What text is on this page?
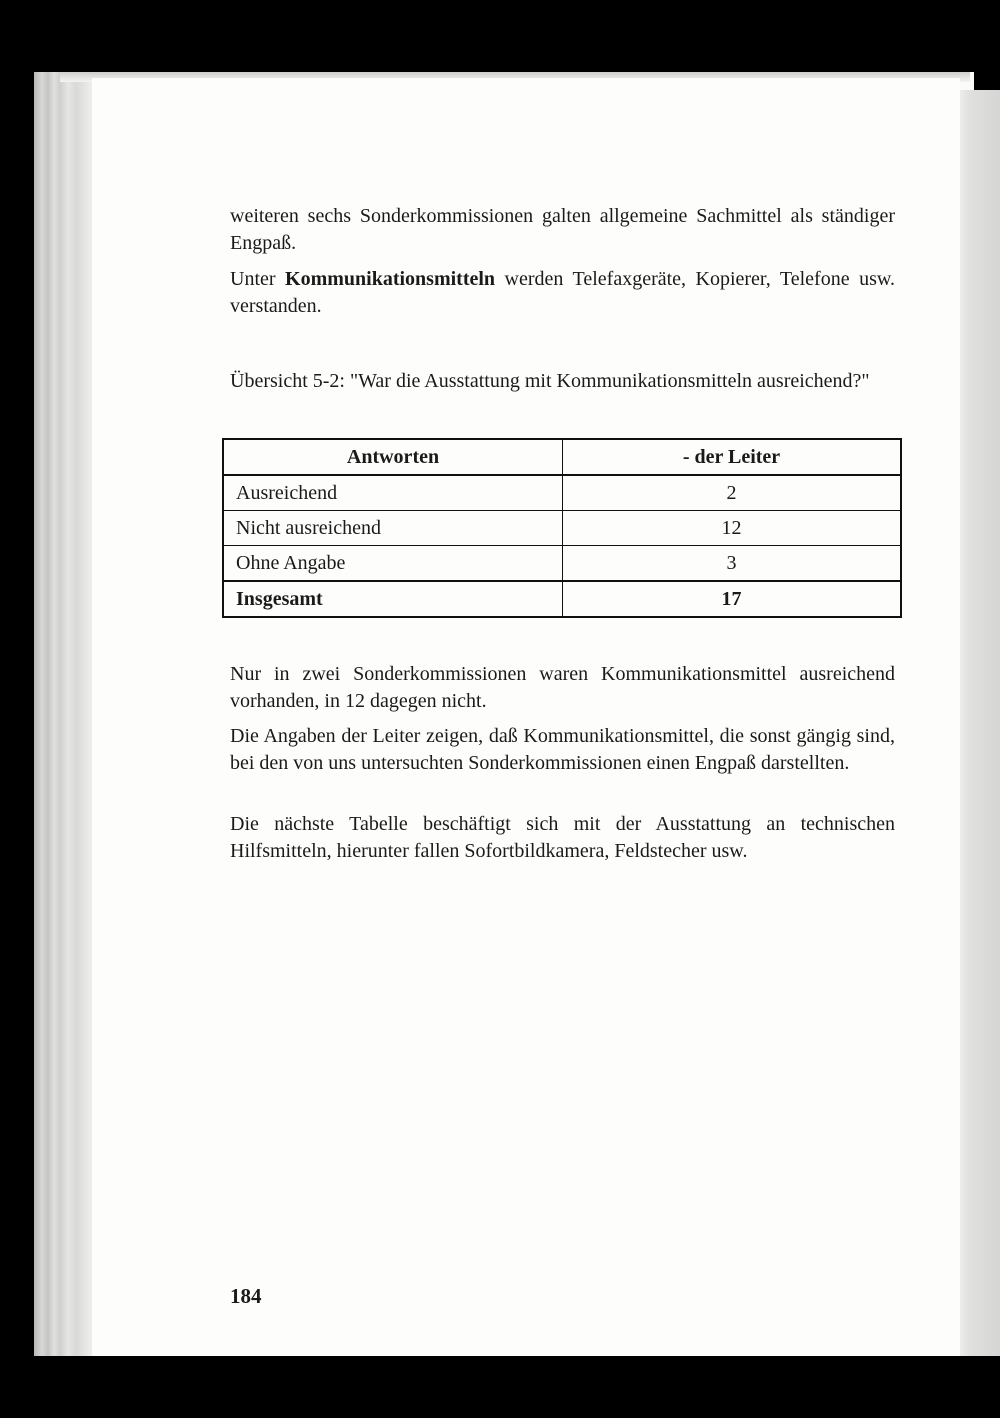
weiteren sechs Sonderkommissionen galten allgemeine Sachmittel als ständiger Engpaß.

Unter Kommunikationsmitteln werden Telefaxgeräte, Kopierer, Telefone usw. verstanden.

Übersicht 5-2: "War die Ausstattung mit Kommunikationsmitteln ausreichend?"

Antworten	- der Leiter
Ausreichend	2
Nicht ausreichend	12
Ohne Angabe	3
Insgesamt	17

Nur in zwei Sonderkommissionen waren Kommunikationsmittel ausreichend vorhanden, in 12 dagegen nicht.

Die Angaben der Leiter zeigen, daß Kommunikationsmittel, die sonst gängig sind, bei den von uns untersuchten Sonderkommissionen einen Engpaß darstellten.

Die nächste Tabelle beschäftigt sich mit der Ausstattung an technischen Hilfsmitteln, hierunter fallen Sofortbildkamera, Feldstecher usw.

184
